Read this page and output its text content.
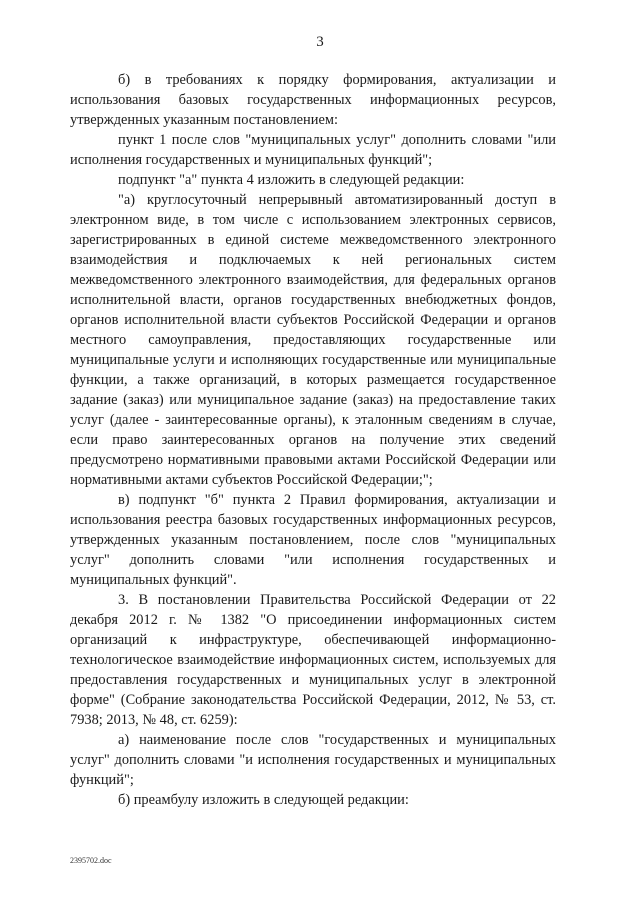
3

б) в требованиях к порядку формирования, актуализации и использования базовых государственных информационных ресурсов, утвержденных указанным постановлением:

пункт 1 после слов "муниципальных услуг" дополнить словами "или исполнения государственных и муниципальных функций";

подпункт "а" пункта 4 изложить в следующей редакции:

"а) круглосуточный непрерывный автоматизированный доступ в электронном виде, в том числе с использованием электронных сервисов, зарегистрированных в единой системе межведомственного электронного взаимодействия и подключаемых к ней региональных систем межведомственного электронного взаимодействия, для федеральных органов исполнительной власти, органов государственных внебюджетных фондов, органов исполнительной власти субъектов Российской Федерации и органов местного самоуправления, предоставляющих государственные или муниципальные услуги и исполняющих государственные или муниципальные функции, а также организаций, в которых размещается государственное задание (заказ) или муниципальное задание (заказ) на предоставление таких услуг (далее - заинтересованные органы), к эталонным сведениям в случае, если право заинтересованных органов на получение этих сведений предусмотрено нормативными правовыми актами Российской Федерации или нормативными актами субъектов Российской Федерации;";

в) подпункт "б" пункта 2 Правил формирования, актуализации и использования реестра базовых государственных информационных ресурсов, утвержденных указанным постановлением, после слов "муниципальных услуг" дополнить словами "или исполнения государственных и муниципальных функций".

3. В постановлении Правительства Российской Федерации от 22 декабря 2012 г. № 1382 "О присоединении информационных систем организаций к инфраструктуре, обеспечивающей информационно-технологическое взаимодействие информационных систем, используемых для предоставления государственных и муниципальных услуг в электронной форме" (Собрание законодательства Российской Федерации, 2012, № 53, ст. 7938; 2013, № 48, ст. 6259):

а) наименование после слов "государственных и муниципальных услуг" дополнить словами "и исполнения государственных и муниципальных функций";

б) преамбулу изложить в следующей редакции:

2395702.doc
